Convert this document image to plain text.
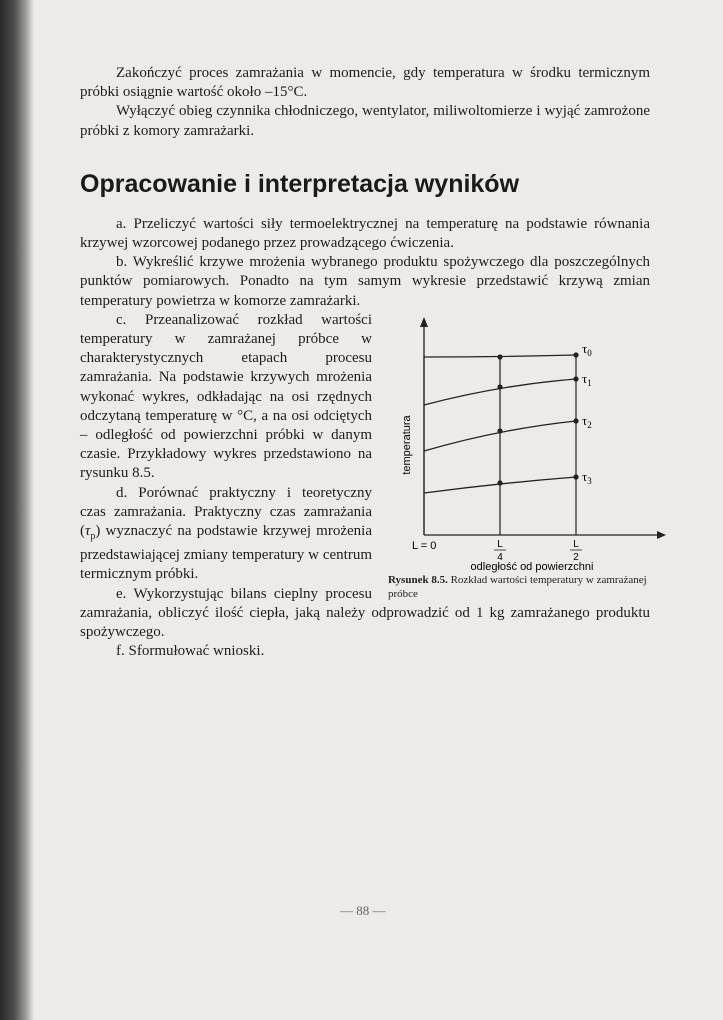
Zakończyć proces zamrażania w momencie, gdy temperatura w środku termicznym próbki osiągnie wartość około –15°C.

Wyłączyć obieg czynnika chłodniczego, wentylator, miliwoltomierze i wyjąć zamrożone próbki z komory zamrażarki.

Opracowanie i interpretacja wyników

a. Przeliczyć wartości siły termoelektrycznej na temperaturę na podstawie równania krzywej wzorcowej podanego przez prowadzącego ćwiczenia.

b. Wykreślić krzywe mrożenia wybranego produktu spożywczego dla poszczególnych punktów pomiarowych. Ponadto na tym samym wykresie przedstawić krzywą zmian temperatury powietrza w komorze zamrażarki.

$\tau_0$
$\tau_1$
$\tau_2$
$\tau_3$
temperatura
L = 0	L
4
L
2
odległość od powierzchni
Rysunek 8.5. Rozkład wartości temperatury w zamrażanej próbce

c. Przeanalizować rozkład wartości temperatury w zamrażanej próbce w charakterystycznych etapach procesu zamrażania. Na podstawie krzywych mrożenia wykonać wykres, odkładając na osi rzędnych odczytaną temperaturę w °C, a na osi odciętych – odległość od powierzchni próbki w danym czasie. Przykładowy wykres przedstawiono na rysunku 8.5.

d. Porównać praktyczny i teoretyczny czas zamrażania. Praktyczny czas zamrażania $(\tau_p)$ wyznaczyć na podstawie krzywej mrożenia przedstawiającej zmiany temperatury w centrum termicznym próbki.

e. Wykorzystując bilans cieplny procesu zamrażania, obliczyć ilość ciepła, jaką należy odprowadzić od 1 kg zamrażanego produktu spożywczego.

f. Sformułować wnioski.

— 88 —
